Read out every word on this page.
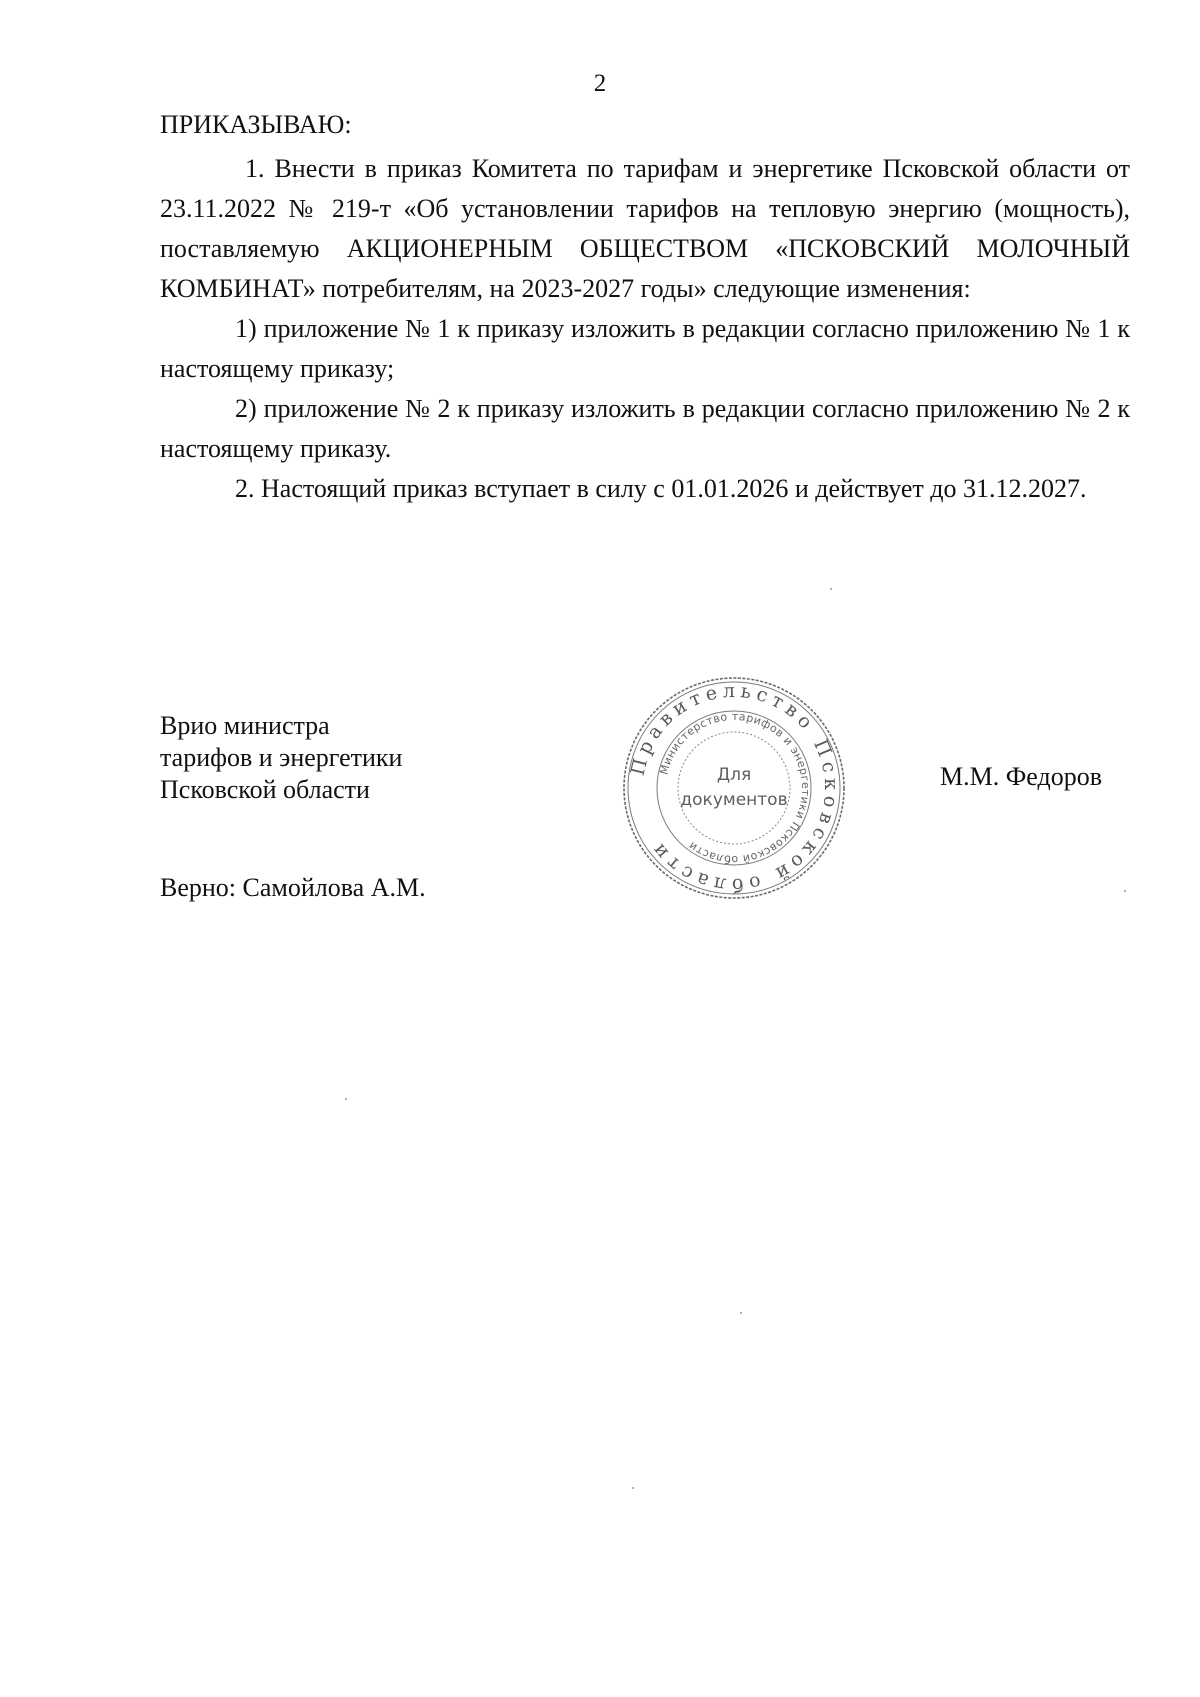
2

ПРИКАЗЫВАЮ:

1. Внести в приказ Комитета по тарифам и энергетике Псковской области от 23.11.2022 № 219-т «Об установлении тарифов на тепловую энергию (мощность), поставляемую АКЦИОНЕРНЫМ ОБЩЕСТВОМ «ПСКОВСКИЙ МОЛОЧНЫЙ КОМБИНАТ» потребителям, на 2023-2027 годы» следующие изменения:

1) приложение № 1 к приказу изложить в редакции согласно приложению № 1 к настоящему приказу;

2) приложение № 2 к приказу изложить в редакции согласно приложению № 2 к настоящему приказу.

2. Настоящий приказ вступает в силу с 01.01.2026 и действует до 31.12.2027.

Врио министра
тарифов и энергетики
Псковской области
Правительство Псковской области
Министерство тарифов и энергетики Псковской области
Для
документов
М.М. Федоров
Верно: Самойлова А.М.
